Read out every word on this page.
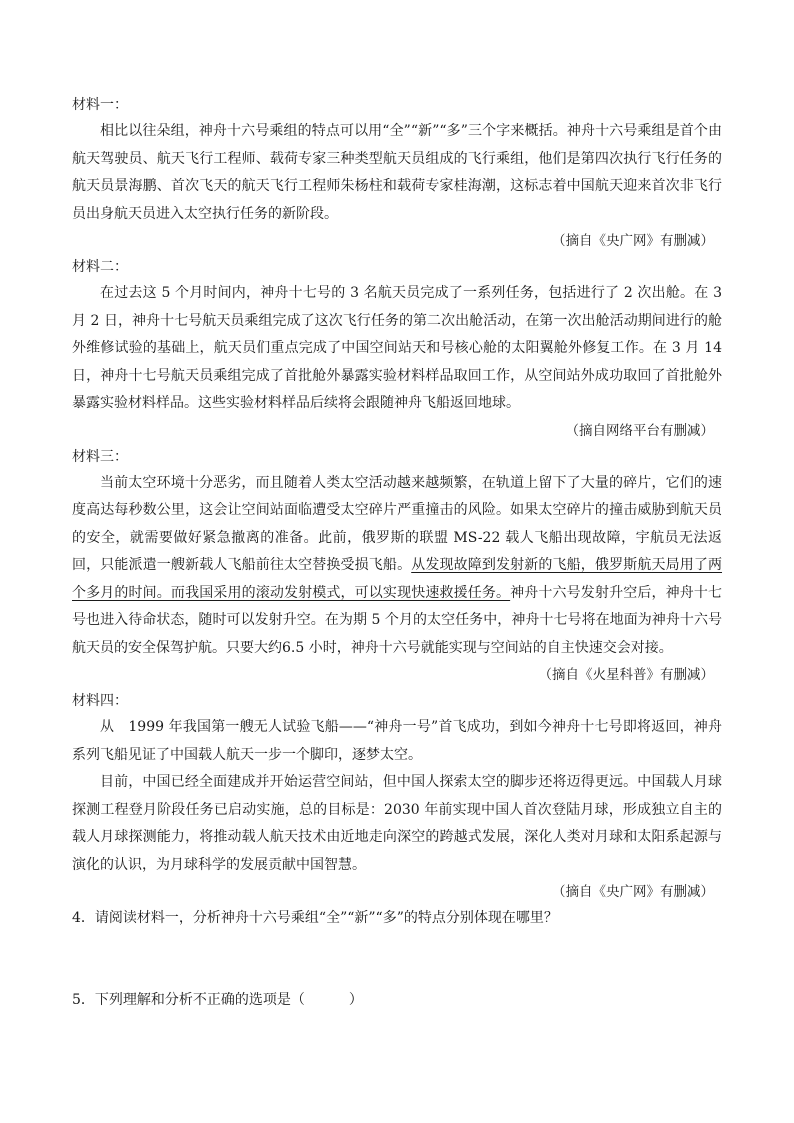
材料一：

相比以往朵组，神舟十六号乘组的特点可以用“全”“新”“多”三个字来概括。神舟十六号乘组是首个由航天驾驶员、航天飞行工程师、载荷专家三种类型航天员组成的飞行乘组，他们是第四次执行飞行任务的航天员景海鹏、首次飞天的航天飞行工程师朱杨柱和载荷专家桂海潮，这标志着中国航天迎来首次非飞行员出身航天员进入太空执行任务的新阶段。

（摘自《央广网》有删减）
材料二：

在过去这 5 个月时间内，神舟十七号的 3 名航天员完成了一系列任务，包括进行了 2 次出舱。在 3 月 2 日，神舟十七号航天员乘组完成了这次飞行任务的第二次出舱活动，在第一次出舱活动期间进行的舱外维修试验的基础上，航天员们重点完成了中国空间站天和号核心舱的太阳翼舱外修复工作。在 3 月 14 日，神舟十七号航天员乘组完成了首批舱外暴露实验材料样品取回工作，从空间站外成功取回了首批舱外暴露实验材料样品。这些实验材料样品后续将会跟随神舟飞船返回地球。

（摘自网络平台有删减）
材料三：

当前太空环境十分恶劣，而且随着人类太空活动越来越频繁，在轨道上留下了大量的碎片，它们的速度高达每秒数公里，这会让空间站面临遭受太空碎片严重撞击的风险。如果太空碎片的撞击威胁到航天员的安全，就需要做好紧急撤离的准备。此前，俄罗斯的联盟 MS-22 载人飞船出现故障，宇航员无法返回，只能派遣一艘新载人飞船前往太空替换受损飞船。从发现故障到发射新的飞船，俄罗斯航天局用了两个多月的时间。而我国采用的滚动发射模式，可以实现快速救援任务。神舟十六号发射升空后，神舟十七号也进入待命状态，随时可以发射升空。在为期 5 个月的太空任务中，神舟十七号将在地面为神舟十六号航天员的安全保驾护航。只要大约6.5 小时，神舟十六号就能实现与空间站的自主快速交会对接。

（摘自《火星科普》有删减）
材料四：

从　1999 年我国第一艘无人试验飞船——“神舟一号”首飞成功，到如今神舟十七号即将返回，神舟系列飞船见证了中国载人航天一步一个脚印，逐梦太空。

目前，中国已经全面建成并开始运营空间站，但中国人探索太空的脚步还将迈得更远。中国载人月球探测工程登月阶段任务已启动实施，总的目标是：2030 年前实现中国人首次登陆月球，形成独立自主的载人月球探测能力，将推动载人航天技术由近地走向深空的跨越式发展，深化人类对月球和太阳系起源与演化的认识，为月球科学的发展贡献中国智慧。

（摘自《央广网》有删减）
4．请阅读材料一，分析神舟十六号乘组“全”“新”“多”的特点分别体现在哪里？
5．下列理解和分析不正确的选项是（	）
